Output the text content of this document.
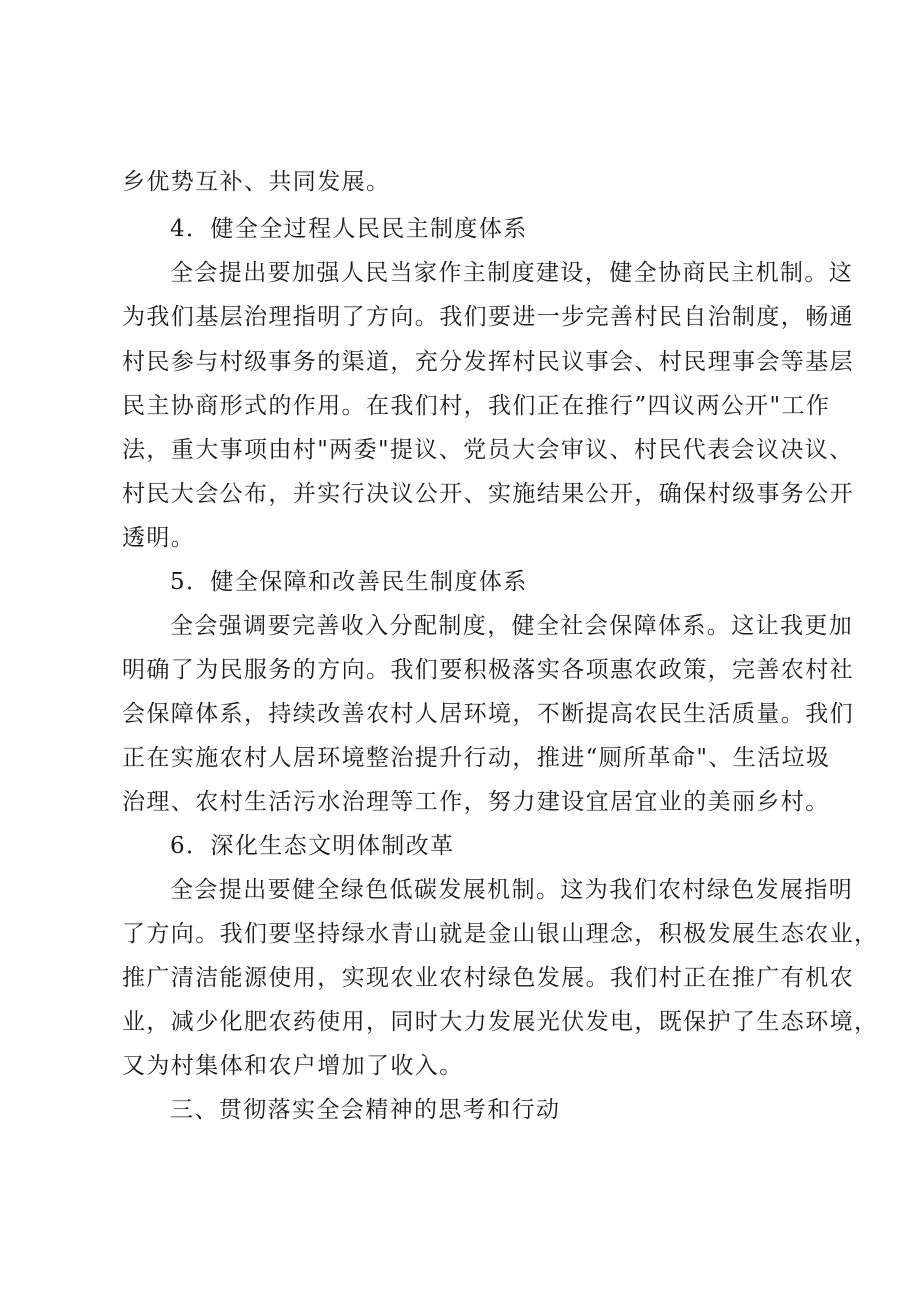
乡优势互补、共同发展。
4．健全全过程人民民主制度体系
全会提出要加强人民当家作主制度建设，健全协商民主机制。这
为我们基层治理指明了方向。我们要进一步完善村民自治制度，畅通
村民参与村级事务的渠道，充分发挥村民议事会、村民理事会等基层
民主协商形式的作用。在我们村，我们正在推行”四议两公开"工作
法，重大事项由村"两委"提议、党员大会审议、村民代表会议决议、
村民大会公布，并实行决议公开、实施结果公开，确保村级事务公开
透明。
5．健全保障和改善民生制度体系
全会强调要完善收入分配制度，健全社会保障体系。这让我更加
明确了为民服务的方向。我们要积极落实各项惠农政策，完善农村社
会保障体系，持续改善农村人居环境，不断提高农民生活质量。我们
正在实施农村人居环境整治提升行动，推进“厕所革命"、生活垃圾
治理、农村生活污水治理等工作，努力建设宜居宜业的美丽乡村。
6．深化生态文明体制改革
全会提出要健全绿色低碳发展机制。这为我们农村绿色发展指明
了方向。我们要坚持绿水青山就是金山银山理念，积极发展生态农业，
推广清洁能源使用，实现农业农村绿色发展。我们村正在推广有机农
业，减少化肥农药使用，同时大力发展光伏发电，既保护了生态环境，
又为村集体和农户增加了收入。
三、贯彻落实全会精神的思考和行动
